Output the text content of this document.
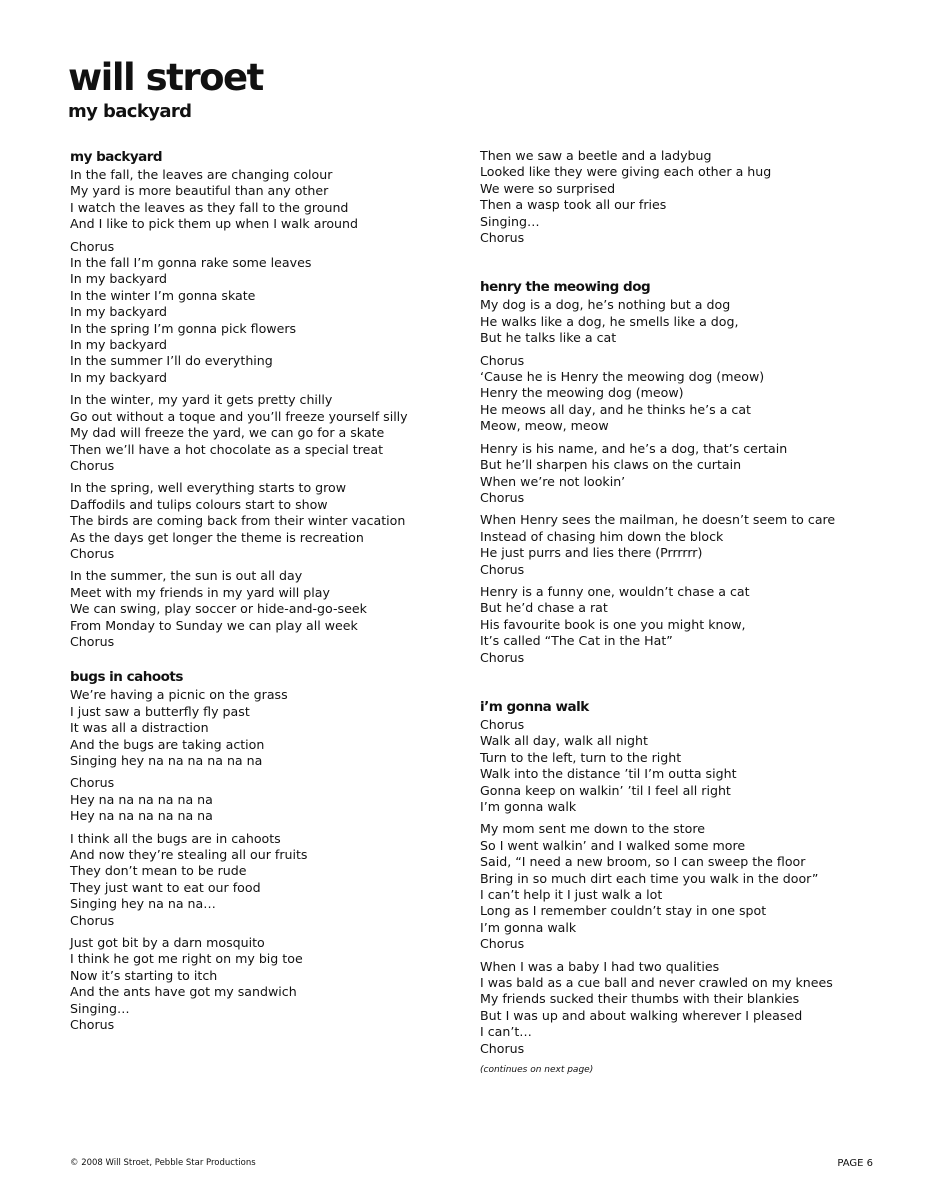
will stroet
my backyard
my backyard
In the fall, the leaves are changing colour
My yard is more beautiful than any other
I watch the leaves as they fall to the ground
And I like to pick them up when I walk around
Chorus
In the fall I’m gonna rake some leaves
In my backyard
In the winter I’m gonna skate
In my backyard
In the spring I’m gonna pick flowers
In my backyard
In the summer I’ll do everything
In my backyard
In the winter, my yard it gets pretty chilly
Go out without a toque and you’ll freeze yourself silly
My dad will freeze the yard, we can go for a skate
Then we’ll have a hot chocolate as a special treat
Chorus
In the spring, well everything starts to grow
Daffodils and tulips colours start to show
The birds are coming back from their winter vacation
As the days get longer the theme is recreation
Chorus
In the summer, the sun is out all day
Meet with my friends in my yard will play
We can swing, play soccer or hide-and-go-seek
From Monday to Sunday we can play all week
Chorus
bugs in cahoots
We’re having a picnic on the grass
I just saw a butterfly fly past
It was all a distraction
And the bugs are taking action
Singing hey na na na na na na
Chorus
Hey na na na na na na
Hey na na na na na na
I think all the bugs are in cahoots
And now they’re stealing all our fruits
They don’t mean to be rude
They just want to eat our food
Singing hey na na na…
Chorus
Just got bit by a darn mosquito
I think he got me right on my big toe
Now it’s starting to itch
And the ants have got my sandwich
Singing…
Chorus
Then we saw a beetle and a ladybug
Looked like they were giving each other a hug
We were so surprised
Then a wasp took all our fries
Singing…
Chorus
henry the meowing dog
My dog is a dog, he’s nothing but a dog
He walks like a dog, he smells like a dog,
But he talks like a cat
Chorus
‘Cause he is Henry the meowing dog (meow)
Henry the meowing dog (meow)
He meows all day, and he thinks he’s a cat
Meow, meow, meow
Henry is his name, and he’s a dog, that’s certain
But he’ll sharpen his claws on the curtain
When we’re not lookin’
Chorus
When Henry sees the mailman, he doesn’t seem to care
Instead of chasing him down the block
He just purrs and lies there (Prrrrrr)
Chorus
Henry is a funny one, wouldn’t chase a cat
But he’d chase a rat
His favourite book is one you might know,
It’s called “The Cat in the Hat”
Chorus
i’m gonna walk
Chorus
Walk all day, walk all night
Turn to the left, turn to the right
Walk into the distance ’til I’m outta sight
Gonna keep on walkin’ ’til I feel all right
I’m gonna walk
My mom sent me down to the store
So I went walkin’ and I walked some more
Said, “I need a new broom, so I can sweep the floor
Bring in so much dirt each time you walk in the door”
I can’t help it I just walk a lot
Long as I remember couldn’t stay in one spot
I’m gonna walk
Chorus
When I was a baby I had two qualities
I was bald as a cue ball and never crawled on my knees
My friends sucked their thumbs with their blankies
But I was up and about walking wherever I pleased
I can’t…
Chorus
(continues on next page)
© 2008 Will Stroet, Pebble Star Productions	PAGE 6
